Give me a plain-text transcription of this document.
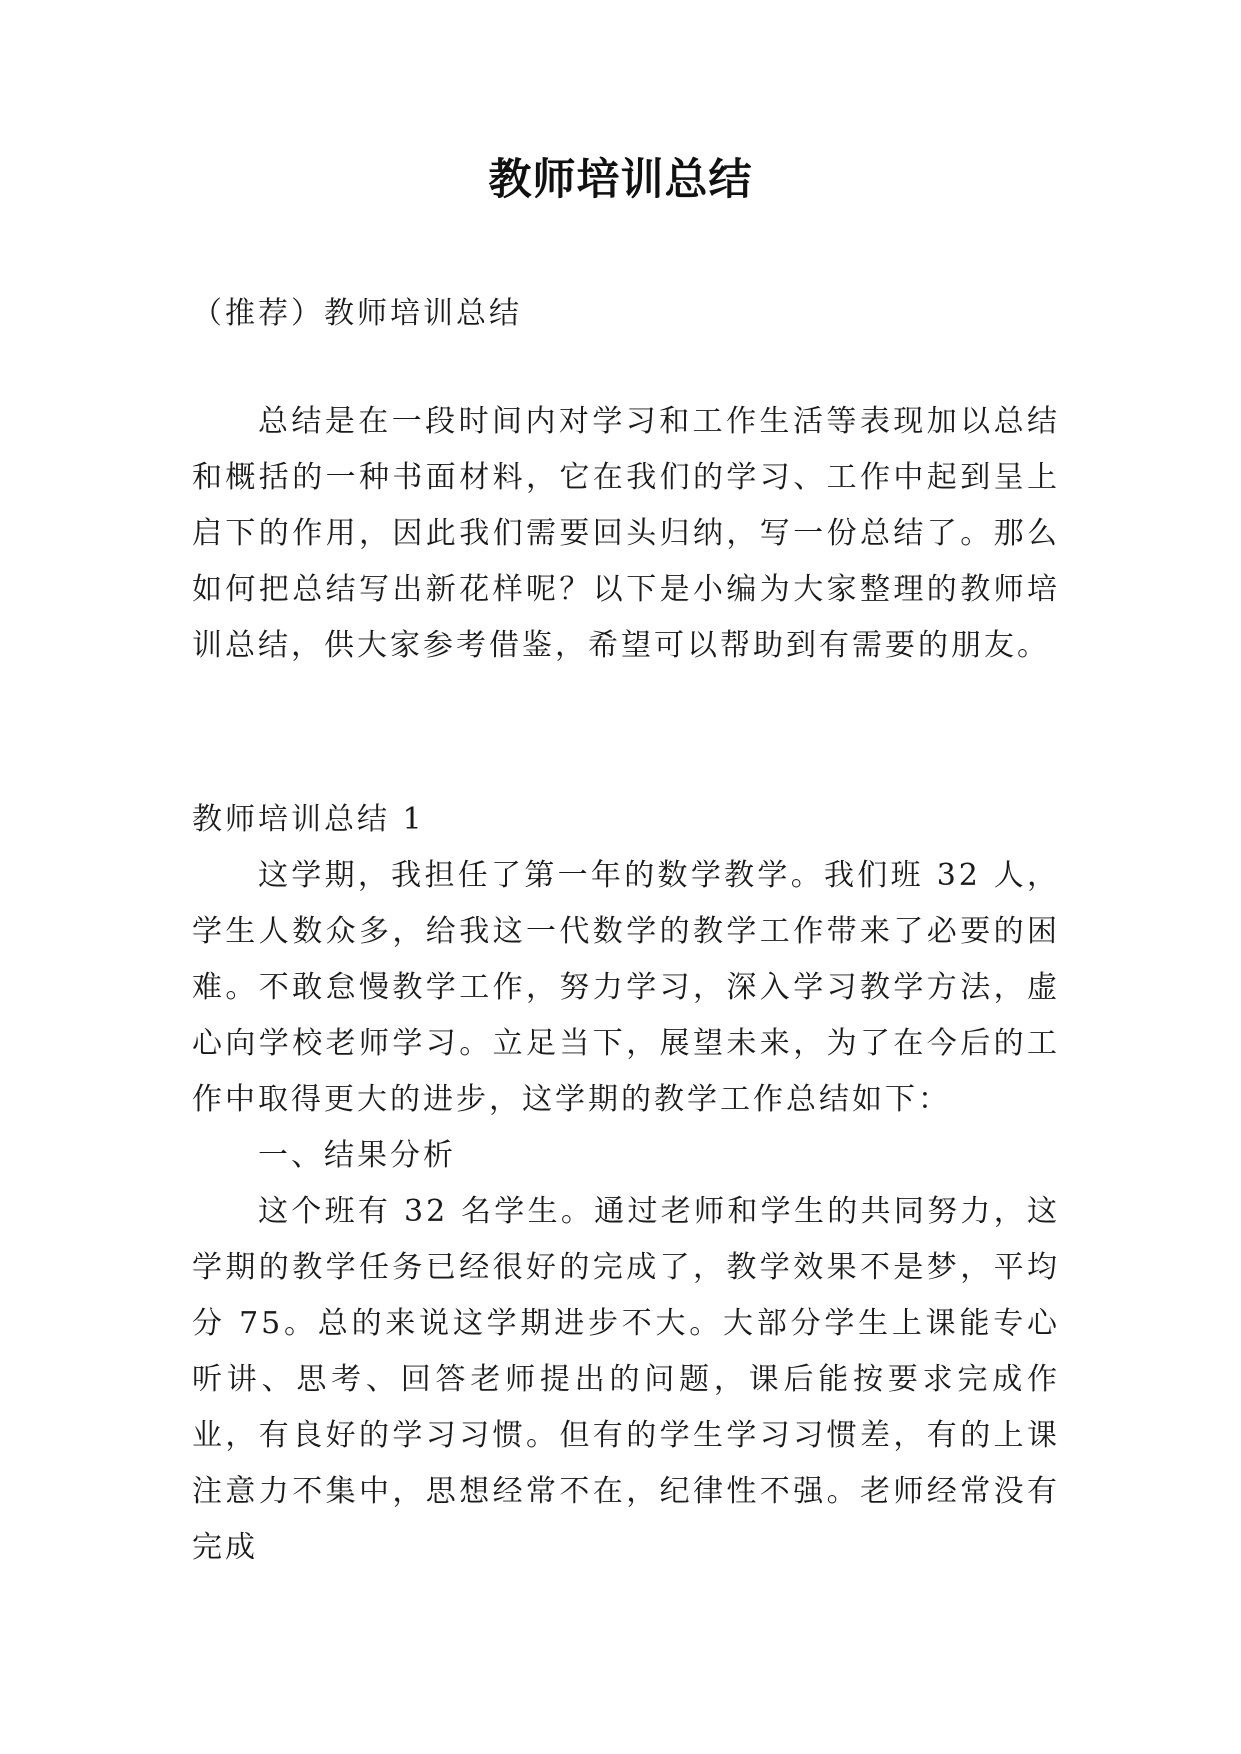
教师培训总结

（推荐）教师培训总结

总结是在一段时间内对学习和工作生活等表现加以总结和概括的一种书面材料，它在我们的学习、工作中起到呈上启下的作用，因此我们需要回头归纳，写一份总结了。那么如何把总结写出新花样呢？以下是小编为大家整理的教师培训总结，供大家参考借鉴，希望可以帮助到有需要的朋友。

教师培训总结 1

这学期，我担任了第一年的数学教学。我们班 32 人，学生人数众多，给我这一代数学的教学工作带来了必要的困难。不敢怠慢教学工作，努力学习，深入学习教学方法，虚心向学校老师学习。立足当下，展望未来，为了在今后的工作中取得更大的进步，这学期的教学工作总结如下：

一、结果分析

这个班有 32 名学生。通过老师和学生的共同努力，这学期的教学任务已经很好的完成了，教学效果不是梦，平均分 75。总的来说这学期进步不大。大部分学生上课能专心听讲、思考、回答老师提出的问题，课后能按要求完成作业，有良好的学习习惯。但有的学生学习习惯差，有的上课注意力不集中，思想经常不在，纪律性不强。老师经常没有完成
